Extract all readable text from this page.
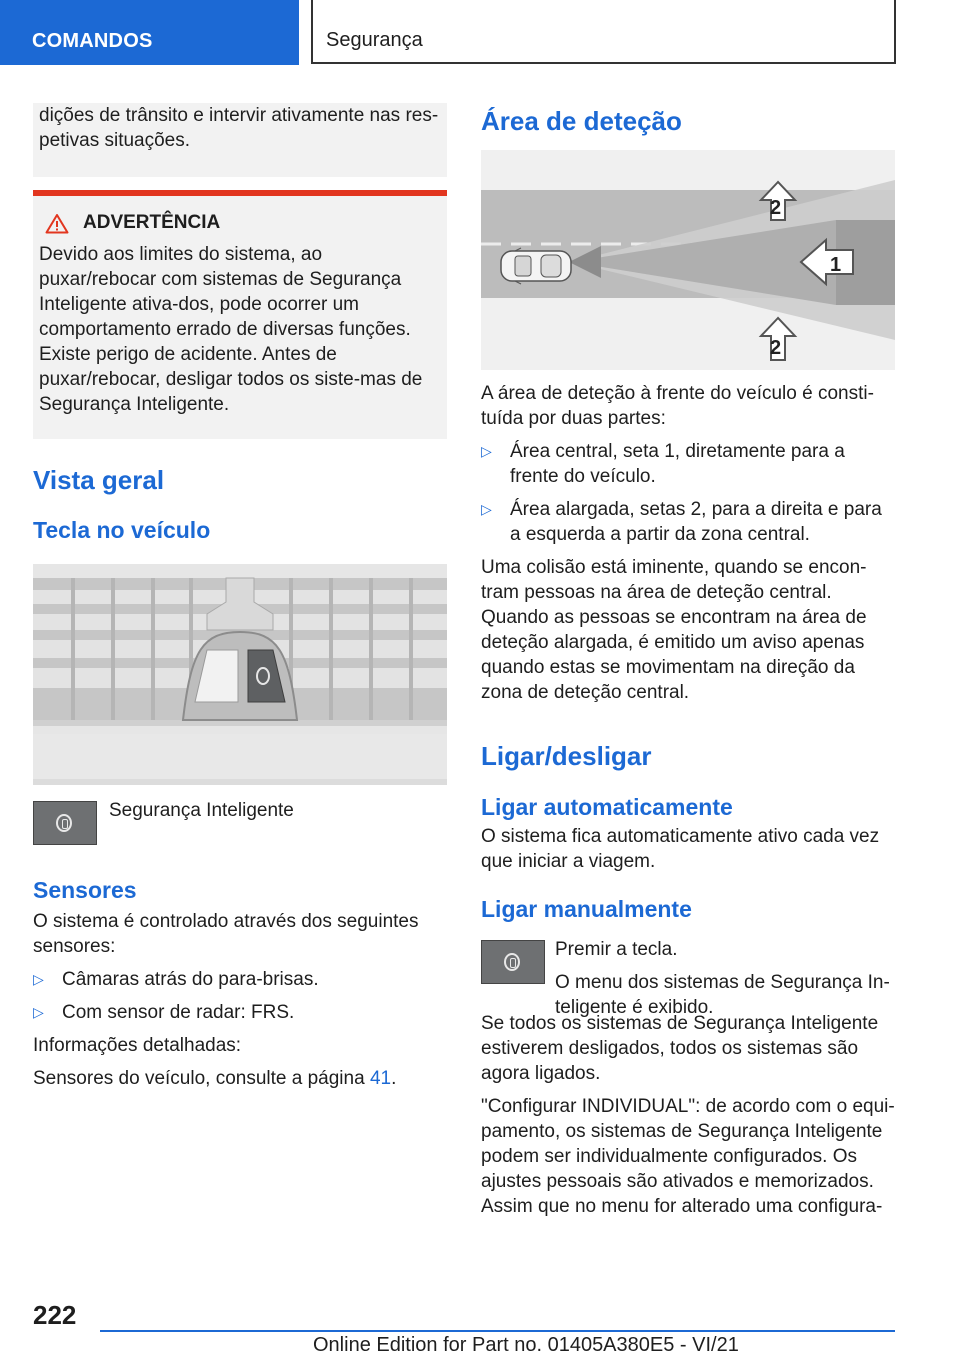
COMANDOS	Segurança

dições de trânsito e intervir ativamente nas res-petivas situações.

ADVERTÊNCIA

Devido aos limites do sistema, ao puxar/rebocar com sistemas de Segurança Inteligente ativa-dos, pode ocorrer um comportamento errado de diversas funções. Existe perigo de acidente. Antes de puxar/rebocar, desligar todos os siste-mas de Segurança Inteligente.

Vista geral
Tecla no veículo

Segurança Inteligente

Sensores

O sistema é controlado através dos seguintes sensores:

▷ Câmaras atrás do para-brisas.

▷ Com sensor de radar: FRS.

Informações detalhadas:

Sensores do veículo, consulte a página 41.

Área de deteção
1
2
2

A área de deteção à frente do veículo é consti-tuída por duas partes:

▷ Área central, seta 1, diretamente para a frente do veículo.

▷ Área alargada, setas 2, para a direita e para a esquerda a partir da zona central.

Uma colisão está iminente, quando se encon-tram pessoas na área de deteção central. Quando as pessoas se encontram na área de deteção alargada, é emitido um aviso apenas quando estas se movimentam na direção da zona de deteção central.

Ligar/desligar
Ligar automaticamente

O sistema fica automaticamente ativo cada vez que iniciar a viagem.

Ligar manualmente

Premir a tecla.

O menu dos sistemas de Segurança In-teligente é exibido.

Se todos os sistemas de Segurança Inteligente estiverem desligados, todos os sistemas são agora ligados.

"Configurar INDIVIDUAL": de acordo com o equi-pamento, os sistemas de Segurança Inteligente podem ser individualmente configurados. Os ajustes pessoais são ativados e memorizados. Assim que no menu for alterado uma configura-

222
Online Edition for Part no. 01405A380E5 - VI/21
